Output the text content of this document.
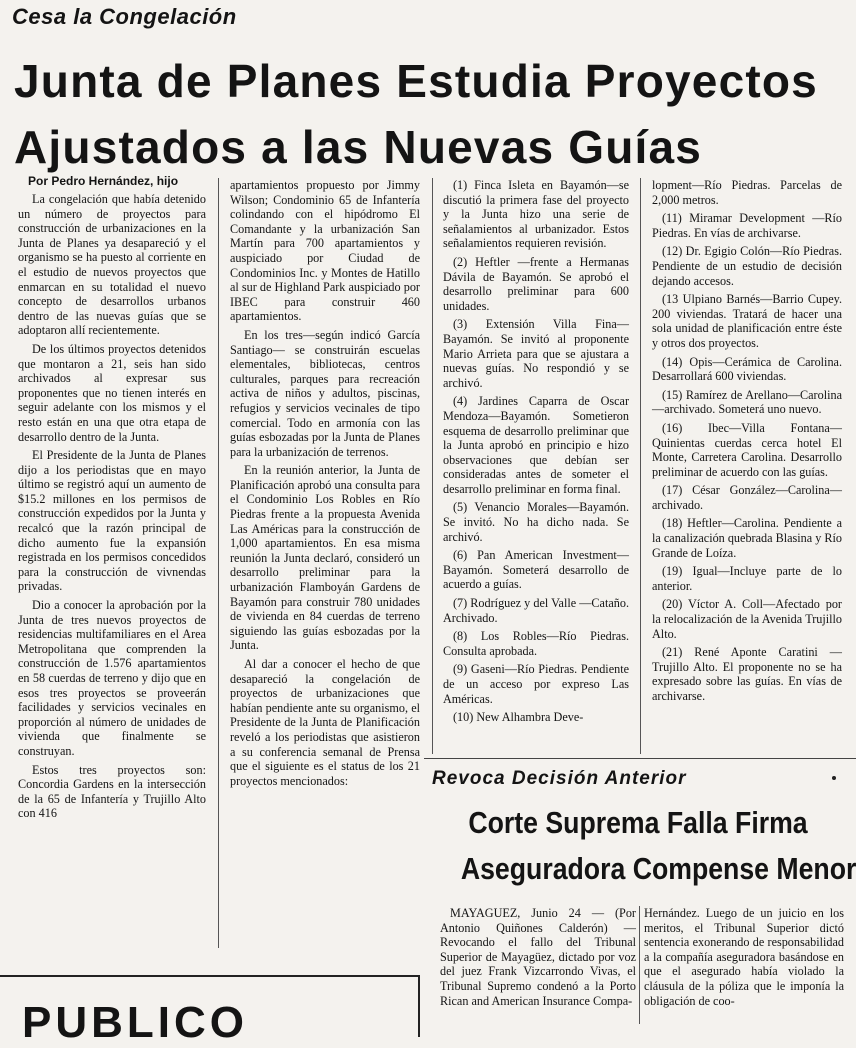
Cesa la Congelación
Junta de Planes Estudia Proyectos
Ajustados a las Nuevas Guías
Por Pedro Hernández, hijo

La congelación que había detenido un número de proyectos para construcción de urbanizaciones en la Junta de Planes ya desapareció y el organismo se ha puesto al corriente en el estudio de nuevos proyectos que enmarcan en su totalidad el nuevo concepto de desarrollos urbanos dentro de las nuevas guías que se adoptaron allí recientemente.

De los últimos proyectos detenidos que montaron a 21, seis han sido archivados al expresar sus proponentes que no tienen interés en seguir adelante con los mismos y el resto están en una que otra etapa de desarrollo dentro de la Junta.

El Presidente de la Junta de Planes dijo a los periodistas que en mayo último se registró aquí un aumento de $15.2 millones en los permisos de construcción expedidos por la Junta y recalcó que la razón principal de dicho aumento fue la expansión registrada en los permisos concedidos para la construcción de vivnendas privadas.

Dio a conocer la aprobación por la Junta de tres nuevos proyectos de residencias multifamiliares en el Area Metropolitana que comprenden la construcción de 1.576 apartamientos en 58 cuerdas de terreno y dijo que en esos tres proyectos se proveerán facilidades y servicios vecinales en proporción al número de unidades de vivienda que finalmente se construyan.

Estos tres proyectos son: Concordia Gardens en la intersección de la 65 de Infantería y Trujillo Alto con 416

apartamientos propuesto por Jimmy Wilson; Condominio 65 de Infantería colindando con el hipódromo El Comandante y la urbanización San Martín para 700 apartamientos y auspiciado por Ciudad de Condominios Inc. y Montes de Hatillo al sur de Highland Park auspiciado por IBEC para construir 460 apartamientos.

En los tres—según indicó García Santiago— se construirán escuelas elementales, bibliotecas, centros culturales, parques para recreación activa de niños y adultos, piscinas, refugios y servicios vecinales de tipo comercial. Todo en armonía con las guías esbozadas por la Junta de Planes para la urbanización de terrenos.

En la reunión anterior, la Junta de Planificación aprobó una consulta para el Condominio Los Robles en Río Piedras frente a la propuesta Avenida Las Américas para la construcción de 1,000 apartamientos. En esa misma reunión la Junta declaró, consideró un desarrollo preliminar para la urbanización Flamboyán Gardens de Bayamón para construir 780 unidades de vivienda en 84 cuerdas de terreno siguiendo las guías esbozadas por la Junta.

Al dar a conocer el hecho de que desapareció la congelación de proyectos de urbanizaciones que habían pendiente ante su organismo, el Presidente de la Junta de Planificación reveló a los periodistas que asistieron a su conferencia semanal de Prensa que el siguiente es el status de los 21 proyectos mencionados:

(1) Finca Isleta en Bayamón—se discutió la primera fase del proyecto y la Junta hizo una serie de señalamientos al urbanizador. Estos señalamientos requieren revisión.

(2) Heftler —frente a Hermanas Dávila de Bayamón. Se aprobó el desarrollo preliminar para 600 unidades.

(3) Extensión Villa Fina—Bayamón. Se invitó al proponente Mario Arrieta para que se ajustara a nuevas guías. No respondió y se archivó.

(4) Jardines Caparra de Oscar Mendoza—Bayamón. Sometieron esquema de desarrollo preliminar que la Junta aprobó en principio e hizo observaciones que debían ser consideradas antes de someter el desarrollo preliminar en forma final.

(5) Venancio Morales—Bayamón. Se invitó. No ha dicho nada. Se archivó.

(6) Pan American Investment—Bayamón. Someterá desarrollo de acuerdo a guías.

(7) Rodríguez y del Valle —Cataño. Archivado.

(8) Los Robles—Río Piedras. Consulta aprobada.

(9) Gaseni—Río Piedras. Pendiente de un acceso por expreso Las Américas.

(10) New Alhambra Deve-

lopment—Río Piedras. Parcelas de 2,000 metros.

(11) Miramar Development —Río Piedras. En vías de archivarse.

(12) Dr. Egigio Colón—Río Piedras. Pendiente de un estudio de decisión dejando accesos.

(13 Ulpiano Barnés—Barrio Cupey. 200 viviendas. Tratará de hacer una sola unidad de planificación entre éste y otros dos proyectos.

(14) Opis—Cerámica de Carolina. Desarrollará 600 viviendas.

(15) Ramírez de Arellano—Carolina—archivado. Someterá uno nuevo.

(16) Ibec—Villa Fontana—Quinientas cuerdas cerca hotel El Monte, Carretera Carolina. Desarrollo preliminar de acuerdo con las guías.

(17) César González—Carolina—archivado.

(18) Heftler—Carolina. Pendiente a la canalización quebrada Blasina y Río Grande de Loíza.

(19) Igual—Incluye parte de lo anterior.

(20) Víctor A. Coll—Afectado por la relocalización de la Avenida Trujillo Alto.

(21) René Aponte Caratini —Trujillo Alto. El proponente no se ha expresado sobre las guías. En vías de archivarse.

Revoca Decisión Anterior
Corte Suprema Falla Firma
Aseguradora Compense Menor

MAYAGUEZ, Junio 24 — (Por Antonio Quiñones Calderón) — Revocando el fallo del Tribunal Superior de Mayagüez, dictado por voz del juez Frank Vizcarrondo Vivas, el Tribunal Supremo condenó a la Porto Rican and American Insurance Compa-

Hernández. Luego de un juicio en los meritos, el Tribunal Superior dictó sentencia exonerando de responsabilidad a la compañía aseguradora basándose en que el asegurado había violado la cláusula de la póliza que le imponía la obligación de coo-

PUBLICO
